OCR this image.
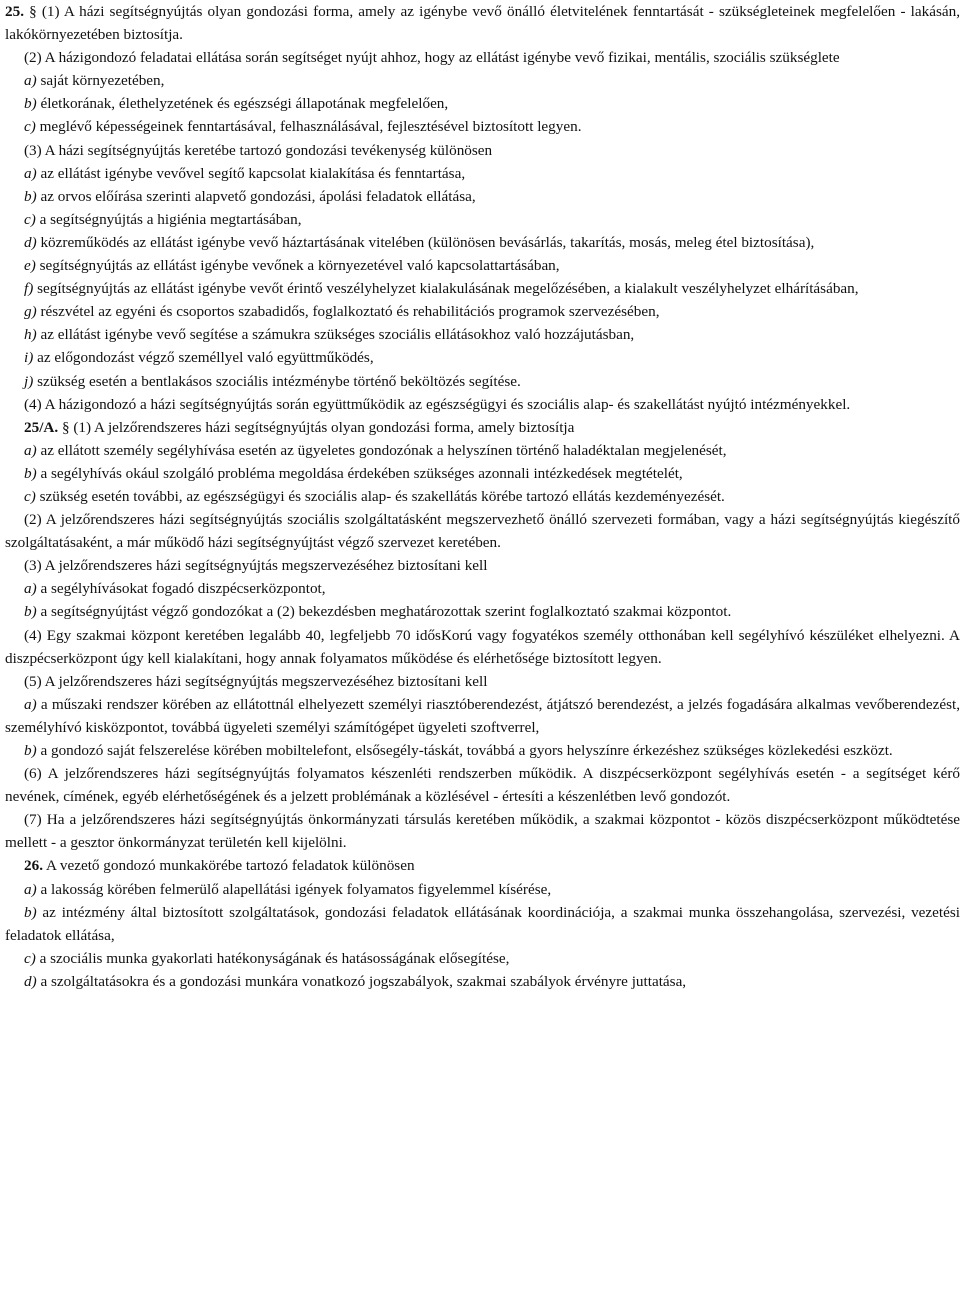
25. § (1) A házi segítségnyújtás olyan gondozási forma, amely az igénybe vevő önálló életvitelének fenntartását - szükségleteinek megfelelően - lakásán, lakókörnyezetében biztosítja.

(2) A házigondozó feladatai ellátása során segítséget nyújt ahhoz, hogy az ellátást igénybe vevő fizikai, mentális, szociális szükséglete

a) saját környezetében,

b) életkorának, élethelyzetének és egészségi állapotának megfelelően,

c) meglévő képességeinek fenntartásával, felhasználásával, fejlesztésével biztosított legyen.

(3) A házi segítségnyújtás keretébe tartozó gondozási tevékenység különösen

a) az ellátást igénybe vevővel segítő kapcsolat kialakítása és fenntartása,

b) az orvos előírása szerinti alapvető gondozási, ápolási feladatok ellátása,

c) a segítségnyújtás a higiénia megtartásában,

d) közreműködés az ellátást igénybe vevő háztartásának vitelében (különösen bevásárlás, takarítás, mosás, meleg étel biztosítása),

e) segítségnyújtás az ellátást igénybe vevőnek a környezetével való kapcsolattartásában,

f) segítségnyújtás az ellátást igénybe vevőt érintő veszélyhelyzet kialakulásának megelőzésében, a kialakult veszélyhelyzet elhárításában,

g) részvétel az egyéni és csoportos szabadidős, foglalkoztató és rehabilitációs programok szervezésében,

h) az ellátást igénybe vevő segítése a számukra szükséges szociális ellátásokhoz való hozzájutásban,

i) az előgondozást végző személlyel való együttműködés,

j) szükség esetén a bentlakásos szociális intézménybe történő beköltözés segítése.

(4) A házigondozó a házi segítségnyújtás során együttműködik az egészségügyi és szociális alap- és szakellátást nyújtó intézményekkel.

25/A. § (1) A jelzőrendszeres házi segítségnyújtás olyan gondozási forma, amely biztosítja

a) az ellátott személy segélyhívása esetén az ügyeletes gondozónak a helyszínen történő haladéktalan megjelenését,

b) a segélyhívás okául szolgáló probléma megoldása érdekében szükséges azonnali intézkedések megtételét,

c) szükség esetén további, az egészségügyi és szociális alap- és szakellátás körébe tartozó ellátás kezdeményezését.

(2) A jelzőrendszeres házi segítségnyújtás szociális szolgáltatásként megszervezhető önálló szervezeti formában, vagy a házi segítségnyújtás kiegészítő szolgáltatásaként, a már működő házi segítségnyújtást végző szervezet keretében.

(3) A jelzőrendszeres házi segítségnyújtás megszervezéséhez biztosítani kell

a) a segélyhívásokat fogadó diszpécserközpontot,

b) a segítségnyújtást végző gondozókat a (2) bekezdésben meghatározottak szerint foglalkoztató szakmai központot.

(4) Egy szakmai központ keretében legalább 40, legfeljebb 70 idősKorú vagy fogyatékos személy otthonában kell segélyhívó készüléket elhelyezni. A diszpécserközpont úgy kell kialakítani, hogy annak folyamatos működése és elérhetősége biztosított legyen.

(5) A jelzőrendszeres házi segítségnyújtás megszervezéséhez biztosítani kell

a) a műszaki rendszer körében az ellátottnál elhelyezett személyi riasztóberendezést, átjátszó berendezést, a jelzés fogadására alkalmas vevőberendezést, személyhívó kisközpontot, továbbá ügyeleti személyi számítógépet ügyeleti szoftverrel,

b) a gondozó saját felszerelése körében mobiltelefont, elsősegély-táskát, továbbá a gyors helyszínre érkezéshez szükséges közlekedési eszközt.

(6) A jelzőrendszeres házi segítségnyújtás folyamatos készenléti rendszerben működik. A diszpécserközpont segélyhívás esetén - a segítséget kérő nevének, címének, egyéb elérhetőségének és a jelzett problémának a közlésével - értesíti a készenlétben levő gondozót.

(7) Ha a jelzőrendszeres házi segítségnyújtás önkormányzati társulás keretében működik, a szakmai központot - közös diszpécserközpont működtetése mellett - a gesztor önkormányzat területén kell kijelölni.

26. A vezető gondozó munkakörébe tartozó feladatok különösen

a) a lakosság körében felmerülő alapellátási igények folyamatos figyelemmel kísérése,

b) az intézmény által biztosított szolgáltatások, gondozási feladatok ellátásának koordinációja, a szakmai munka összehangolása, szervezési, vezetési feladatok ellátása,

c) a szociális munka gyakorlati hatékonyságának és hatásosságának elősegítése,

d) a szolgáltatásokra és a gondozási munkára vonatkozó jogszabályok, szakmai szabályok érvényre juttatása,
